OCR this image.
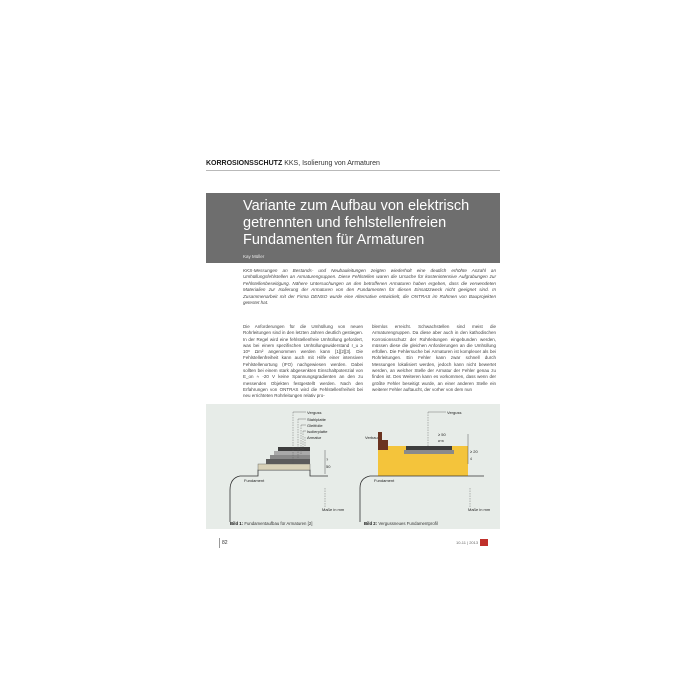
KORROSIONSSCHUTZ KKS, Isolierung von Armaturen
Variante zum Aufbau von elektrisch getrennten und fehlstellenfreien Fundamenten für Armaturen
Kay Müller
KKS-Messungen an Bestands- und Neubauleitungen zeigten wiederholt eine deutlich erhöhte Anzahl an Umhüllungsfehlstellen an Armaturengruppen. Diese Fehlstellen waren die Ursache für kostenintensive Aufgrabungen zur Fehlstellenbeseitigung. Nähere Untersuchungen an den betroffenen Armaturen haben ergeben, dass die verwendeten Materialien zur Isolierung der Armaturen von den Fundamenten für diesen Einsatzzweck nicht geeignet sind. In Zusammenarbeit mit der Firma DENSO wurde eine Alternative entwickelt, die ONTRAS im Rahmen von Bauprojekten getestet hat.
Die Anforderungen für die Umhüllung von neuen Rohrleitungen sind in den letzten Jahren deutlich gestiegen. In der Regel wird eine fehlstellenfreie Umhüllung gefordert, was bei einem spezifischen Umhüllungswiderstand r_u ≥ 10⁸ Ωm² angenommen werden kann [1][2][3]. Die Fehlstellenfreiheit kann auch mit Hilfe einer intensiven Fehlstellenortung (IFO) nachgewiesen werden. Dabei sollten bei einem stark abgesenkten Einschaltpotenzial von E_on ≈ -20 V keine Spannungsgradienten an den zu messenden Objekten festgestellt werden. Nach den Erfahrungen von ONTRAS wird die Fehlstellenfreiheit bei neu errichteten Rohrleitungen relativ pro-
blemlos erreicht. Schwachstellen sind meist die Armaturengruppen. Da diese aber auch in den kathodischen Korrosionsschutz der Rohrleitungen eingebunden werden, müssen diese die gleichen Anforderungen an die Umhüllung erfüllen. Die Fehlersuche bei Armaturen ist komplexer als bei Rohrleitungen. Ein Fehler kann zwar schnell durch Messungen lokalisiert werden, jedoch kann nicht bewertet werden, an welcher Stelle der Armatur der Fehler genau zu finden ist. Des Weiteren kann es vorkommen, dass wenn der größte Fehler beseitigt wurde, an einer anderen Stelle ein weiterer Fehler auftaucht, der vorher von dem nun
Verguss
Stahlplatte
Gleitfolie
Isolierplatte
Armatur
?
50
Fundament
Maße in mm
Verguss
Verbau
≥ 50
w w
≥ 20
4
Fundament
Maße in mm
Bild 1: Fundamentaufbau für Armaturen [2]	Bild 2: Vergussneues Fundamentprofil
82	10-11 | 2013
